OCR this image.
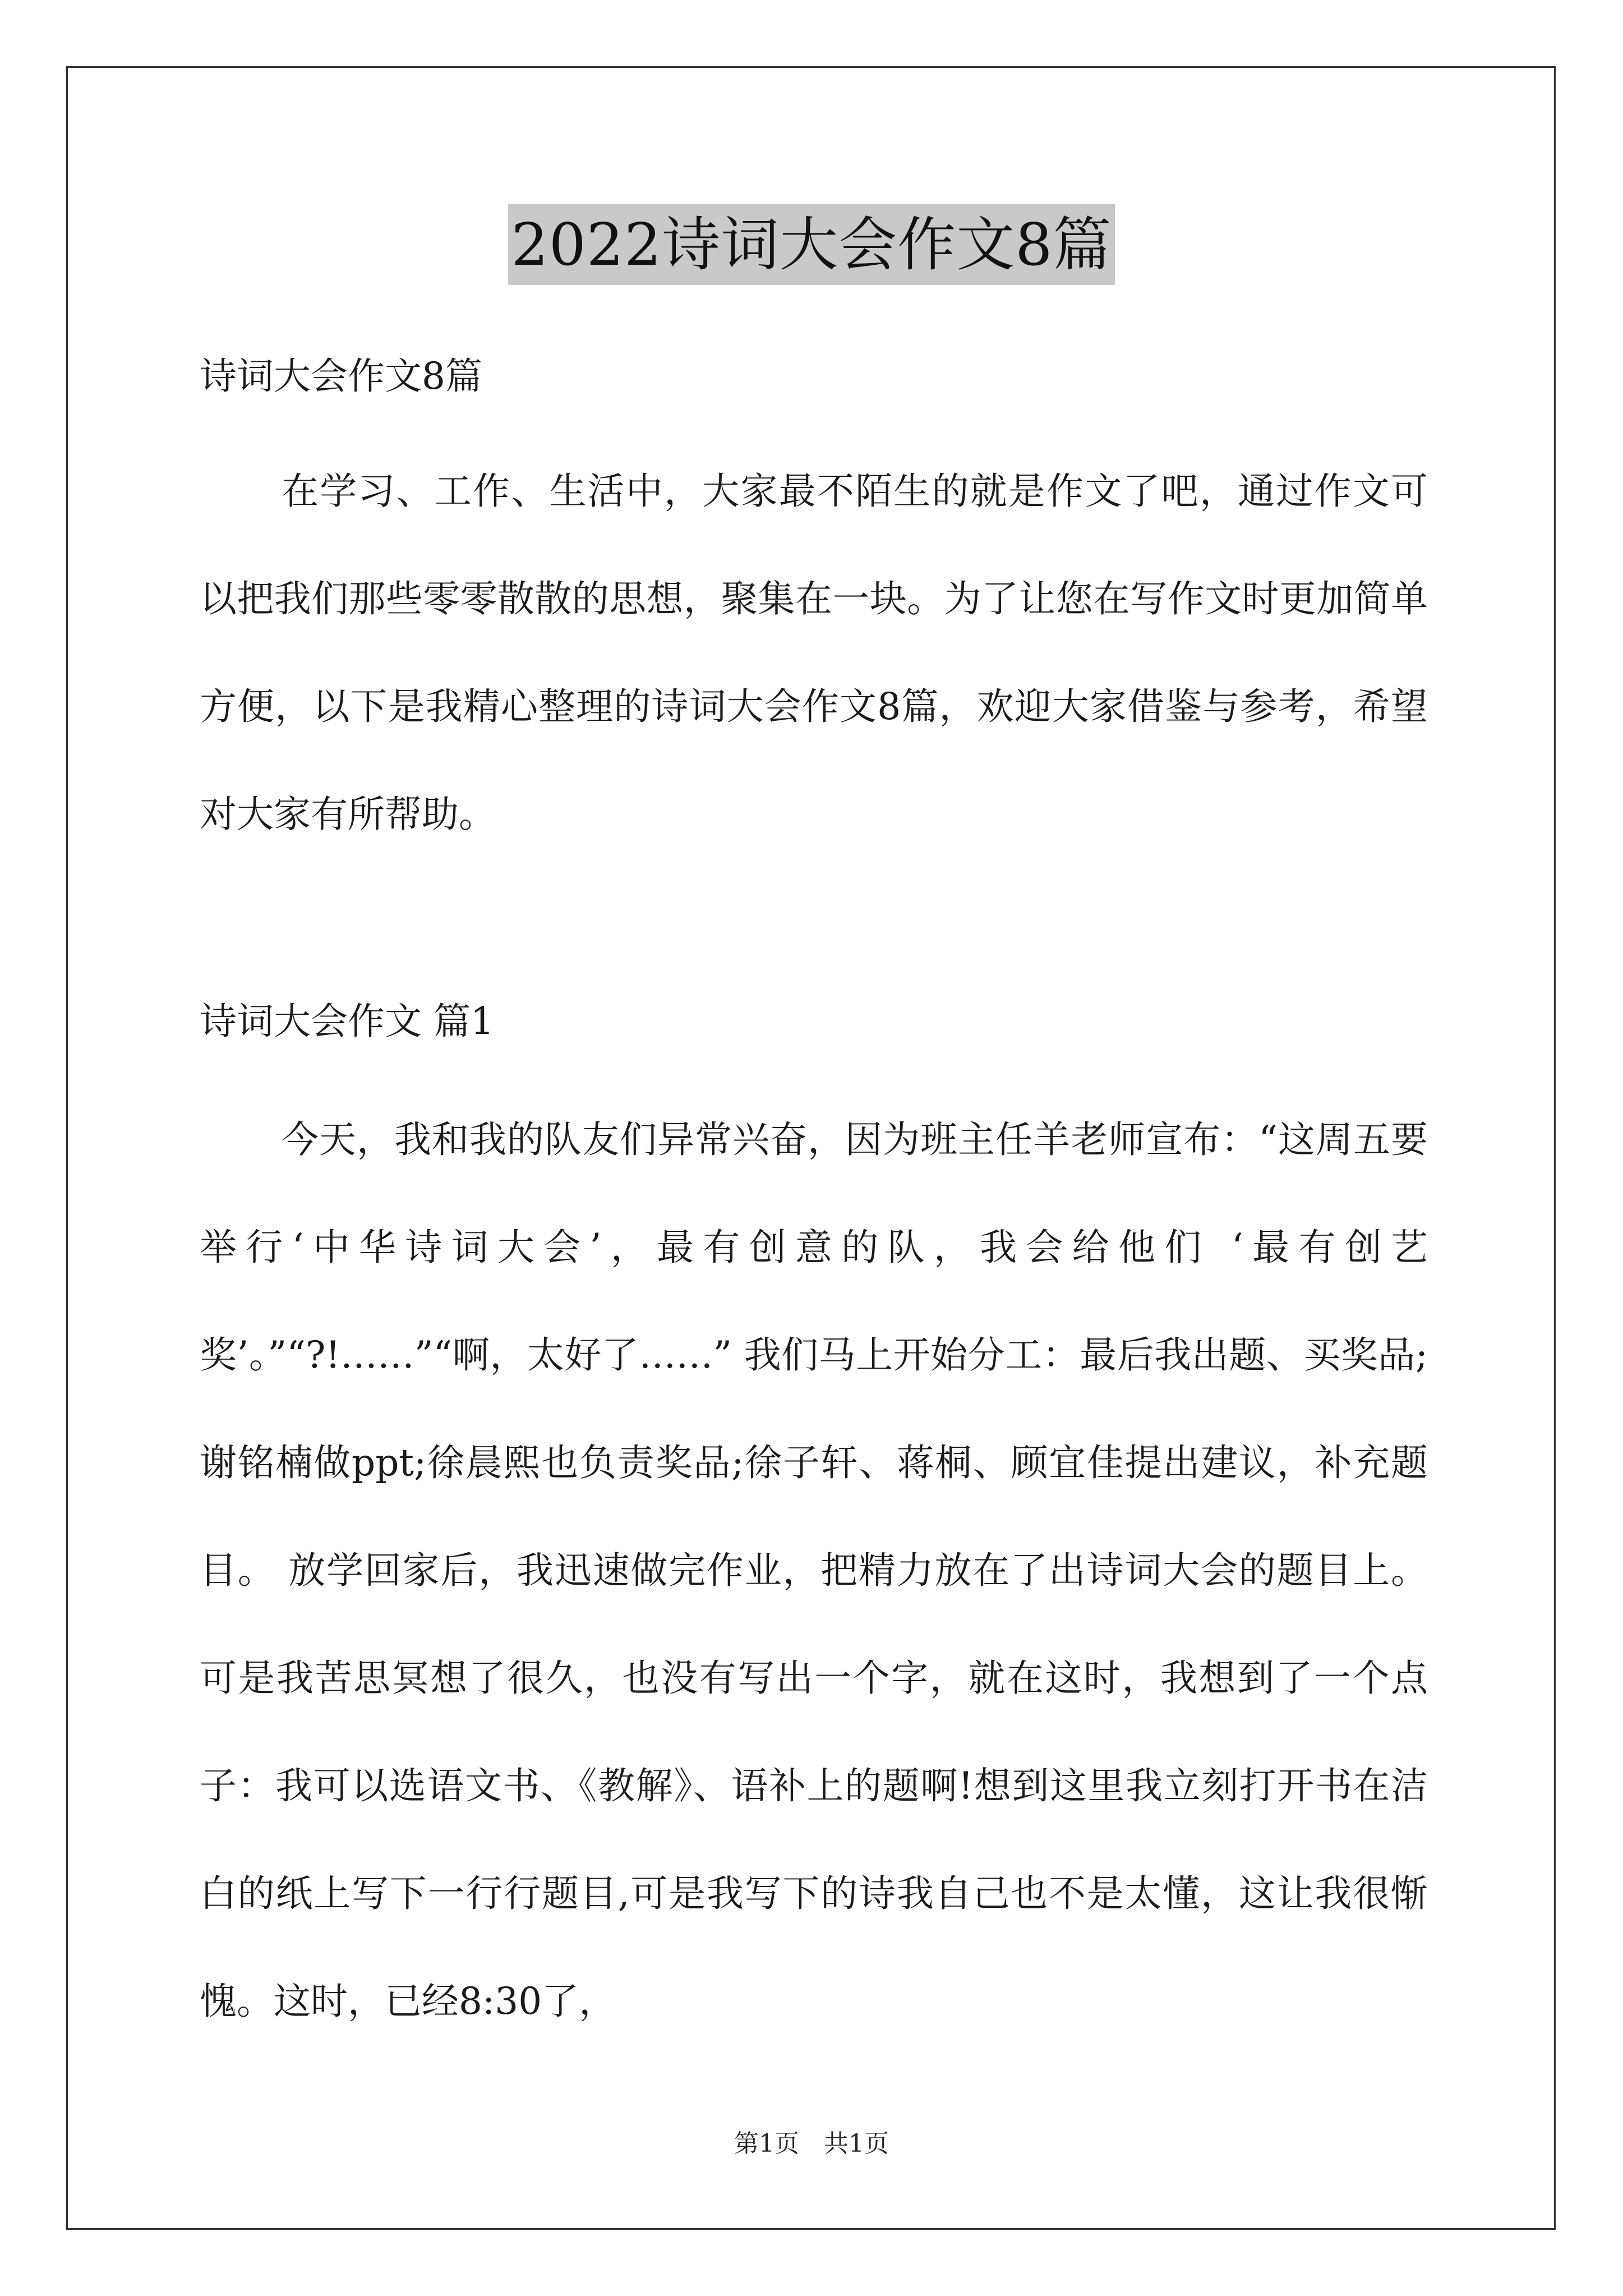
2022诗词大会作文8篇
诗词大会作文8篇

在学习、工作、生活中，大家最不陌生的就是作文了吧，通过作文可以把我们那些零零散散的思想，聚集在一块。为了让您在写作文时更加简单方便，以下是我精心整理的诗词大会作文8篇，欢迎大家借鉴与参考，希望对大家有所帮助。

诗词大会作文 篇1

今天，我和我的队友们异常兴奋，因为班主任羊老师宣布：“这周五要举行‘中华诗词大会’，最有创意的队，我会给他们 ‘最有创艺奖’。”“?!……”“啊，太好了……” 我们马上开始分工：最后我出题、买奖品;谢铭楠做ppt;徐晨熙也负责奖品;徐子轩、蒋桐、顾宜佳提出建议，补充题目。 放学回家后，我迅速做完作业，把精力放在了出诗词大会的题目上。可是我苦思冥想了很久，也没有写出一个字，就在这时，我想到了一个点子：我可以选语文书、《教解》、语补上的题啊!想到这里我立刻打开书在洁白的纸上写下一行行题目,可是我写下的诗我自己也不是太懂，这让我很惭愧。这时，已经8:30了，

第1页　共1页
